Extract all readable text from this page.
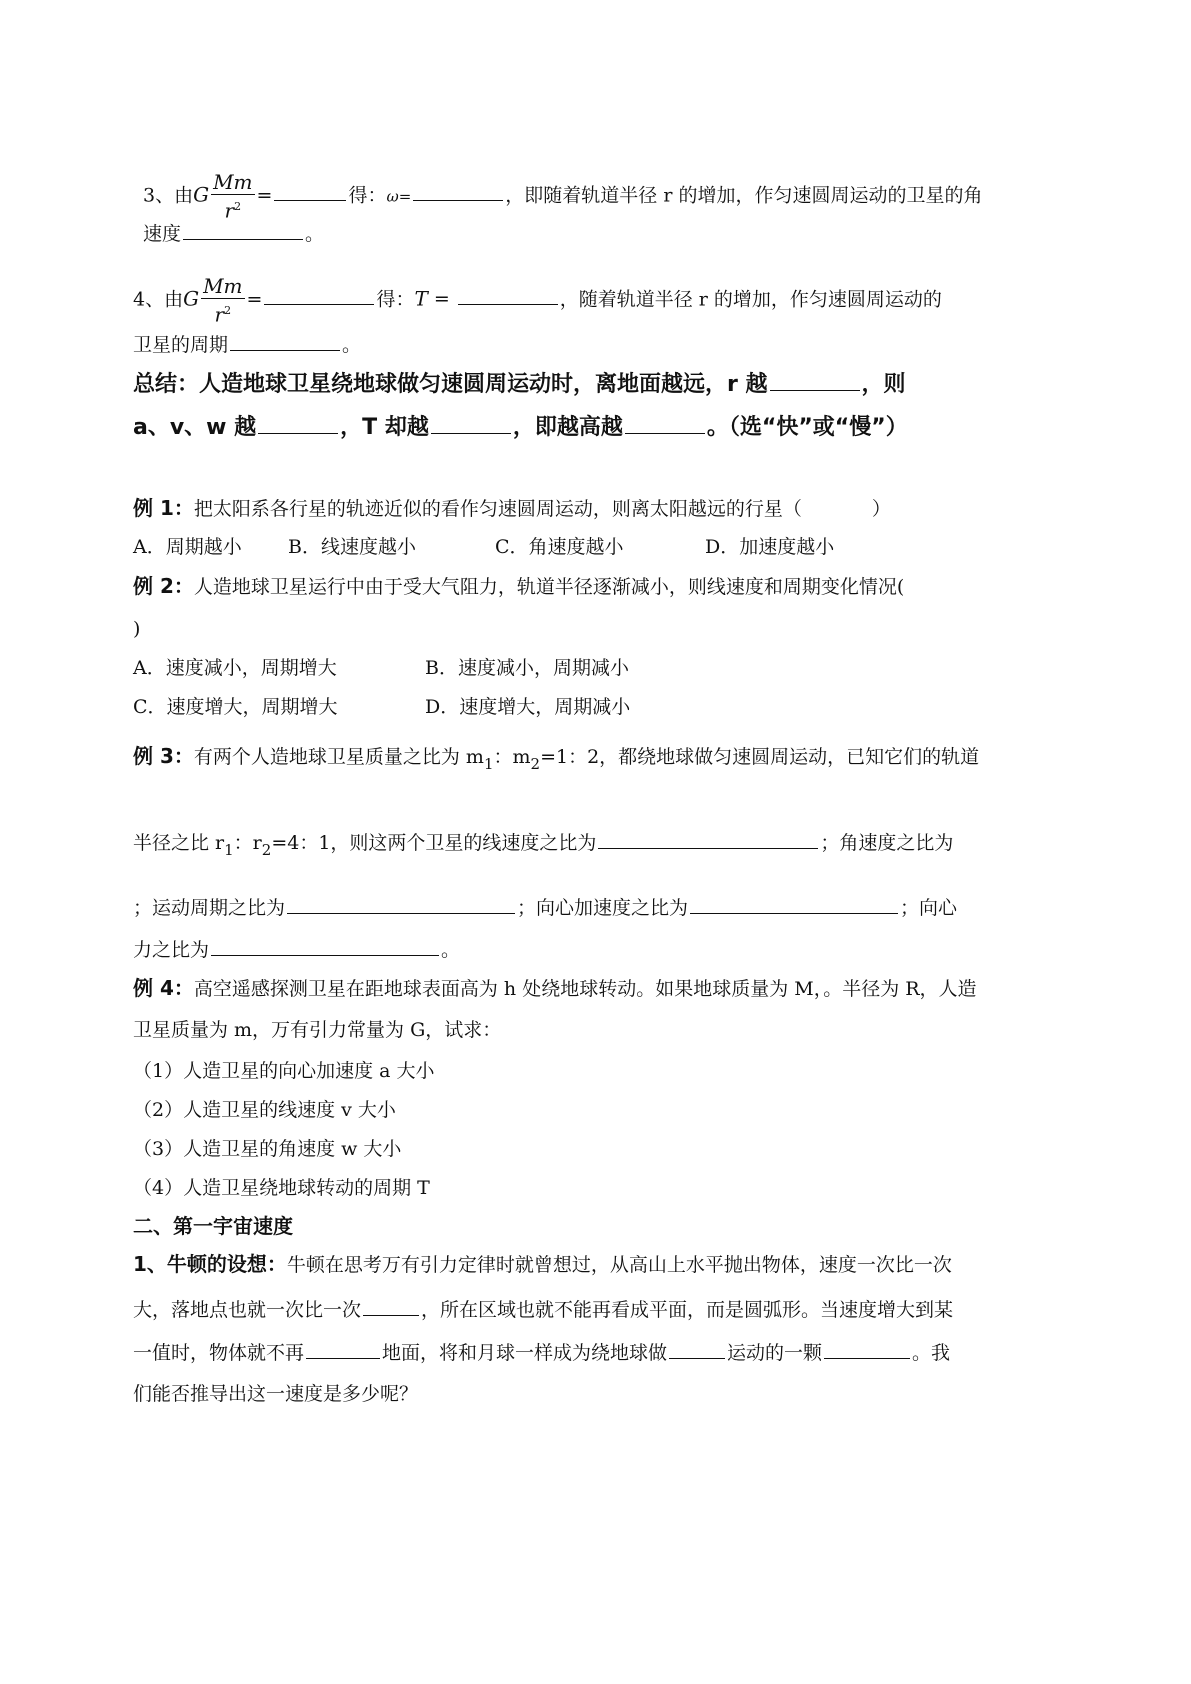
3、由G $\frac{Mm}{r^2}$ =	得：ω=	，即随着轨道半径 r 的增加，作匀速圆周运动的卫星的角
速度	。
4、由G $\frac{Mm}{r^2}$ =	得：T =	，随着轨道半径 r 的增加，作匀速圆周运动的
卫星的周期	。
总结：人造地球卫星绕地球做匀速圆周运动时，离地面越远，r 越	，则
a、v、w 越	，T 却越	，即越高越	。（选“快”或“慢”）
例 1：把太阳系各行星的轨迹近似的看作匀速圆周运动，则离太阳越远的行星（	）
A．周期越小 B．线速度越小	C．角速度越小	D．加速度越小
例 2：人造地球卫星运行中由于受大气阻力，轨道半径逐渐减小，则线速度和周期变化情况(
)
A．速度减小，周期增大	B．速度减小，周期减小
C．速度增大，周期增大	D．速度增大，周期减小
例 3：有两个人造地球卫星质量之比为 $m_1$：$m_2=1$：2，都绕地球做匀速圆周运动，已知它们的轨道
半径之比 $r_1$：$r_2=4$：1，则这两个卫星的线速度之比为	；角速度之比为
；运动周期之比为	；向心加速度之比为	；向心
力之比为	。
例 4：高空遥感探测卫星在距地球表面高为 h 处绕地球转动。如果地球质量为 M，。半径为 R，人造
卫星质量为 m，万有引力常量为 G，试求：
（1）人造卫星的向心加速度 a 大小
（2）人造卫星的线速度 v 大小
（3）人造卫星的角速度 w 大小
（4）人造卫星绕地球转动的周期 T
二、第一宇宙速度
1、牛顿的设想：牛顿在思考万有引力定律时就曾想过，从高山上水平抛出物体，速度一次比一次
大，落地点也就一次比一次	，所在区域也就不能再看成平面，而是圆弧形。当速度增大到某
一值时，物体就不再	地面，将和月球一样成为绕地球做	运动的一颗	。我
们能否推导出这一速度是多少呢？
